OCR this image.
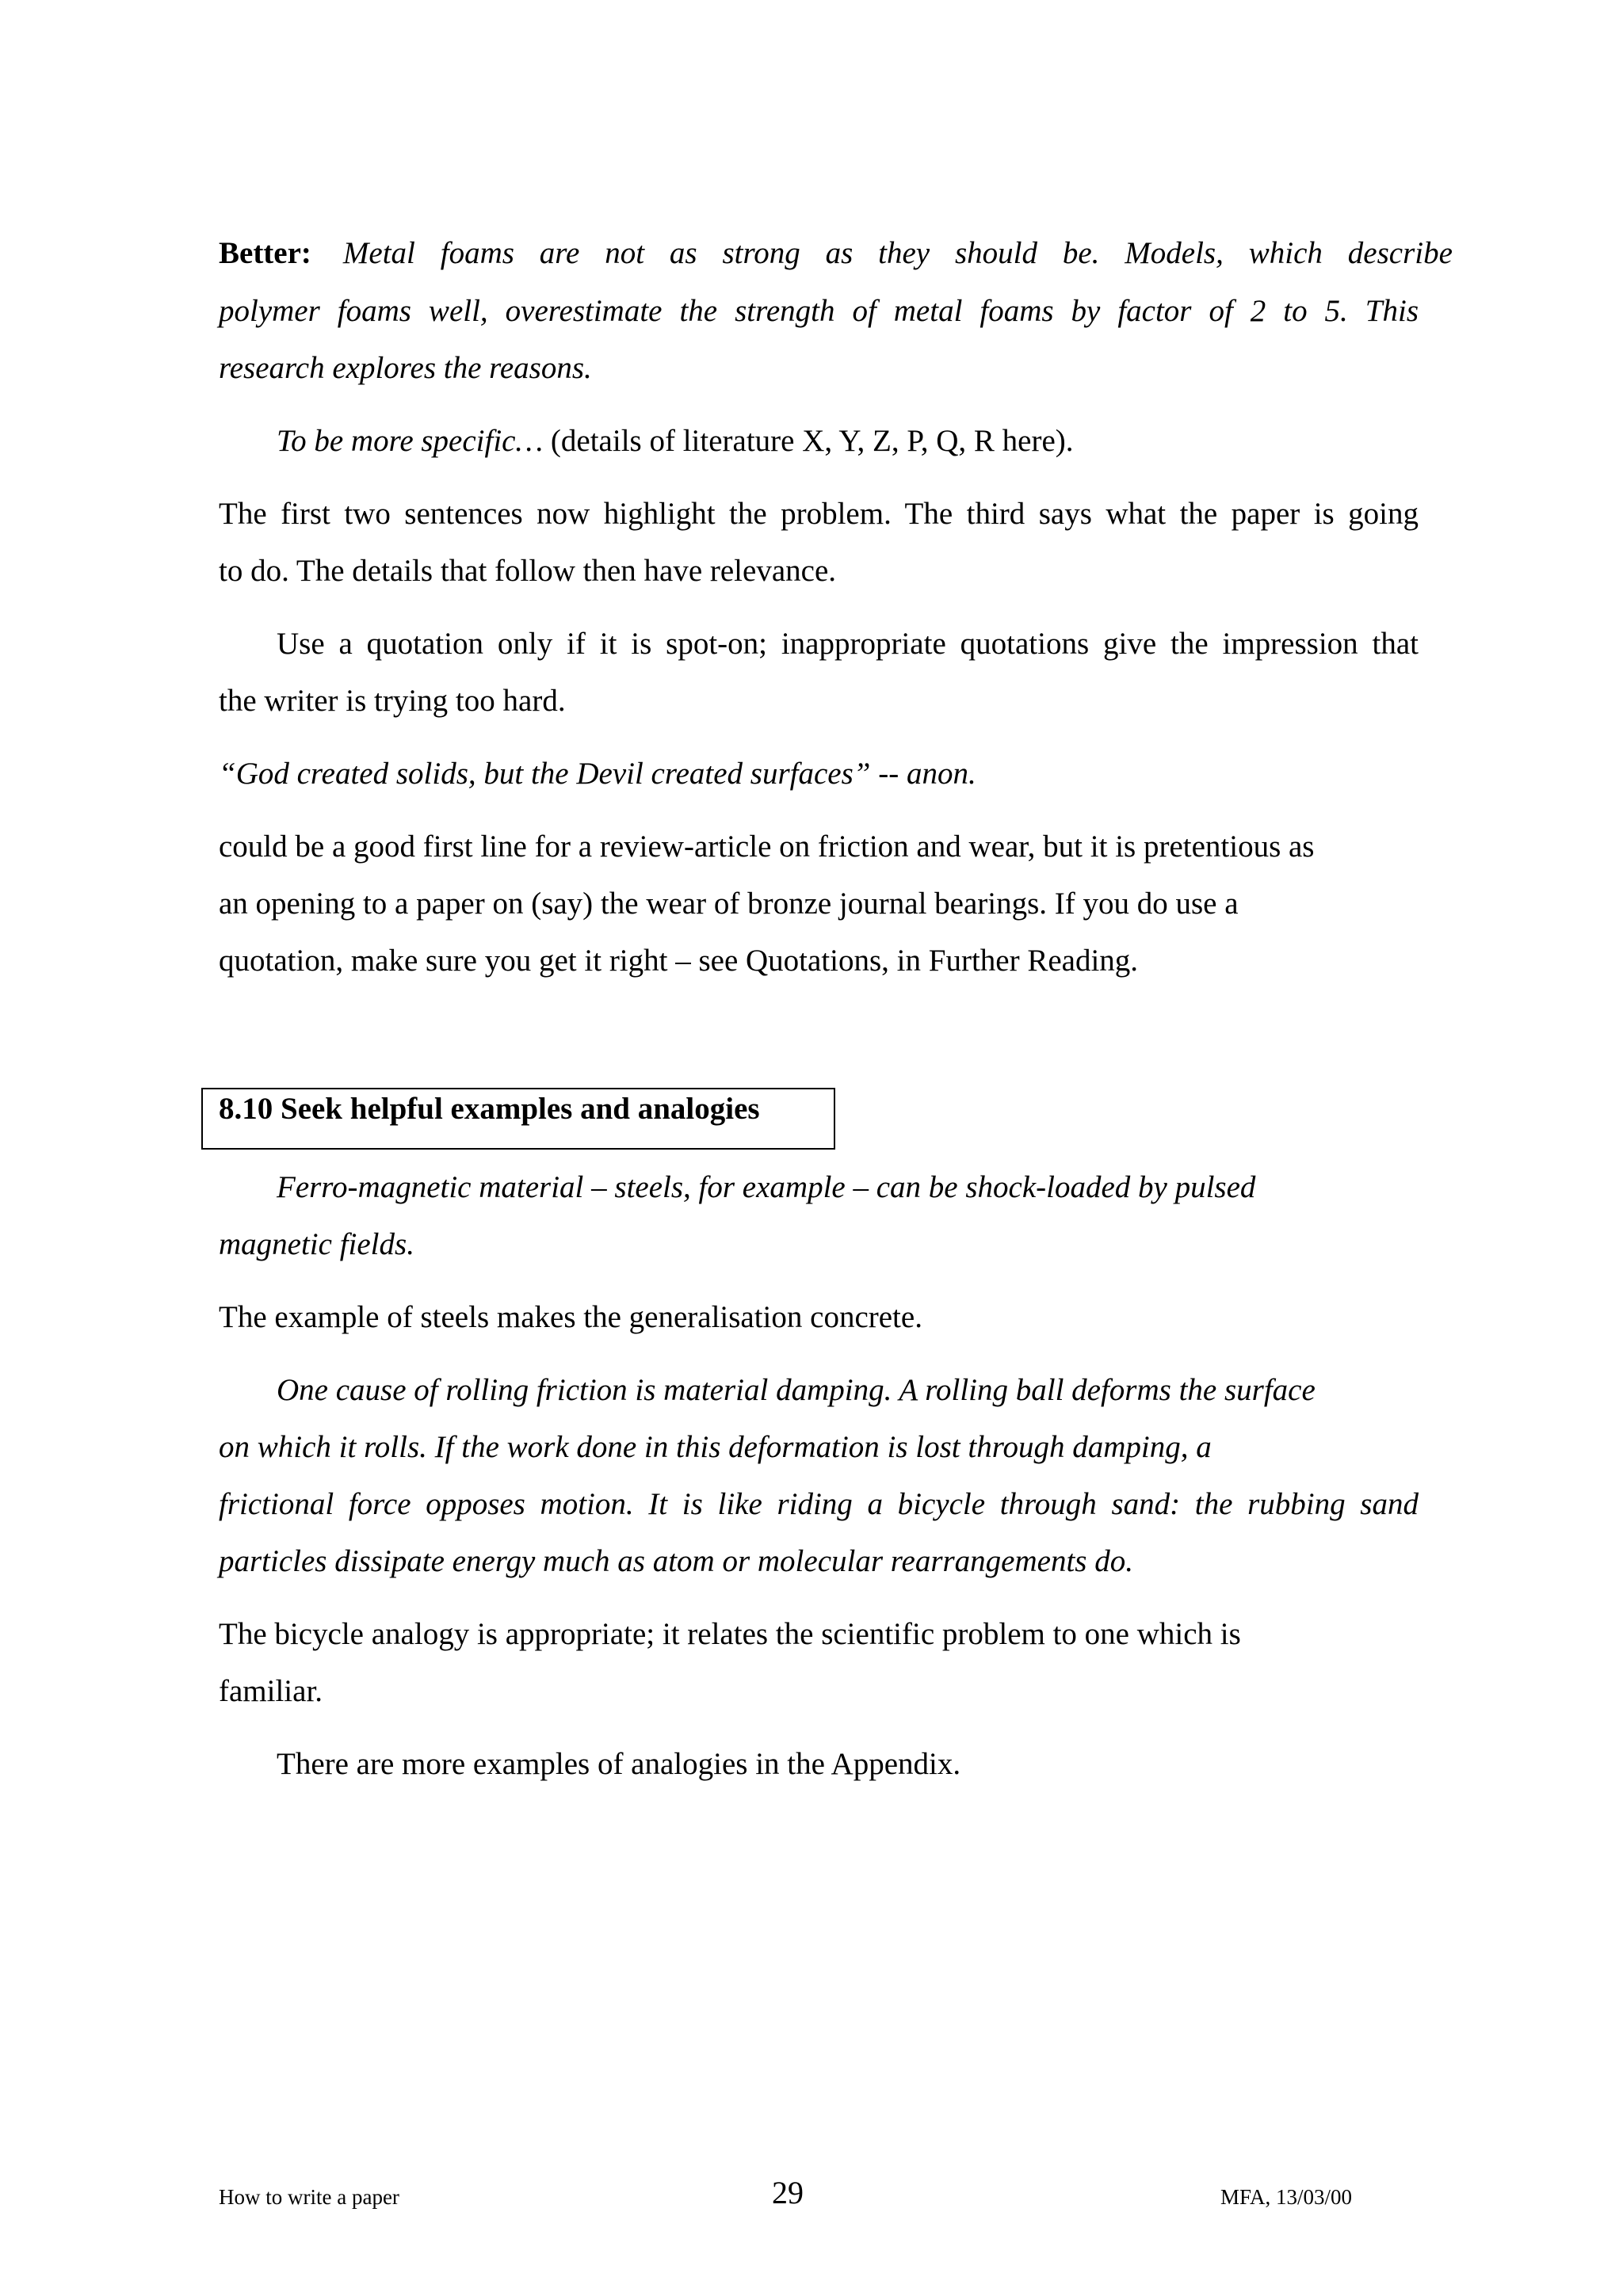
Better: Metal foams are not as strong as they should be. Models, which describe

polymer foams well, overestimate the strength of metal foams by factor of 2 to 5. This

research explores the reasons.

To be more specific… (details of literature X, Y, Z, P, Q, R here).

The first two sentences now highlight the problem. The third says what the paper is going

to do. The details that follow then have relevance.

Use a quotation only if it is spot-on; inappropriate quotations give the impression that

the writer is trying too hard.

“God created solids, but the Devil created surfaces” -- anon.

could be a good first line for a review-article on friction and wear, but it is pretentious as

an opening to a paper on (say) the wear of bronze journal bearings. If you do use a

quotation, make sure you get it right – see Quotations, in Further Reading.

8.10 Seek helpful examples and analogies

Ferro-magnetic material – steels, for example – can be shock-loaded by pulsed

magnetic fields.

The example of steels makes the generalisation concrete.

One cause of rolling friction is material damping. A rolling ball deforms the surface

on which it rolls. If the work done in this deformation is lost through damping, a

frictional force opposes motion. It is like riding a bicycle through sand: the rubbing sand

particles dissipate energy much as atom or molecular rearrangements do.

The bicycle analogy is appropriate; it relates the scientific problem to one which is

familiar.

There are more examples of analogies in the Appendix.

How to write a paper	29	MFA, 13/03/00
